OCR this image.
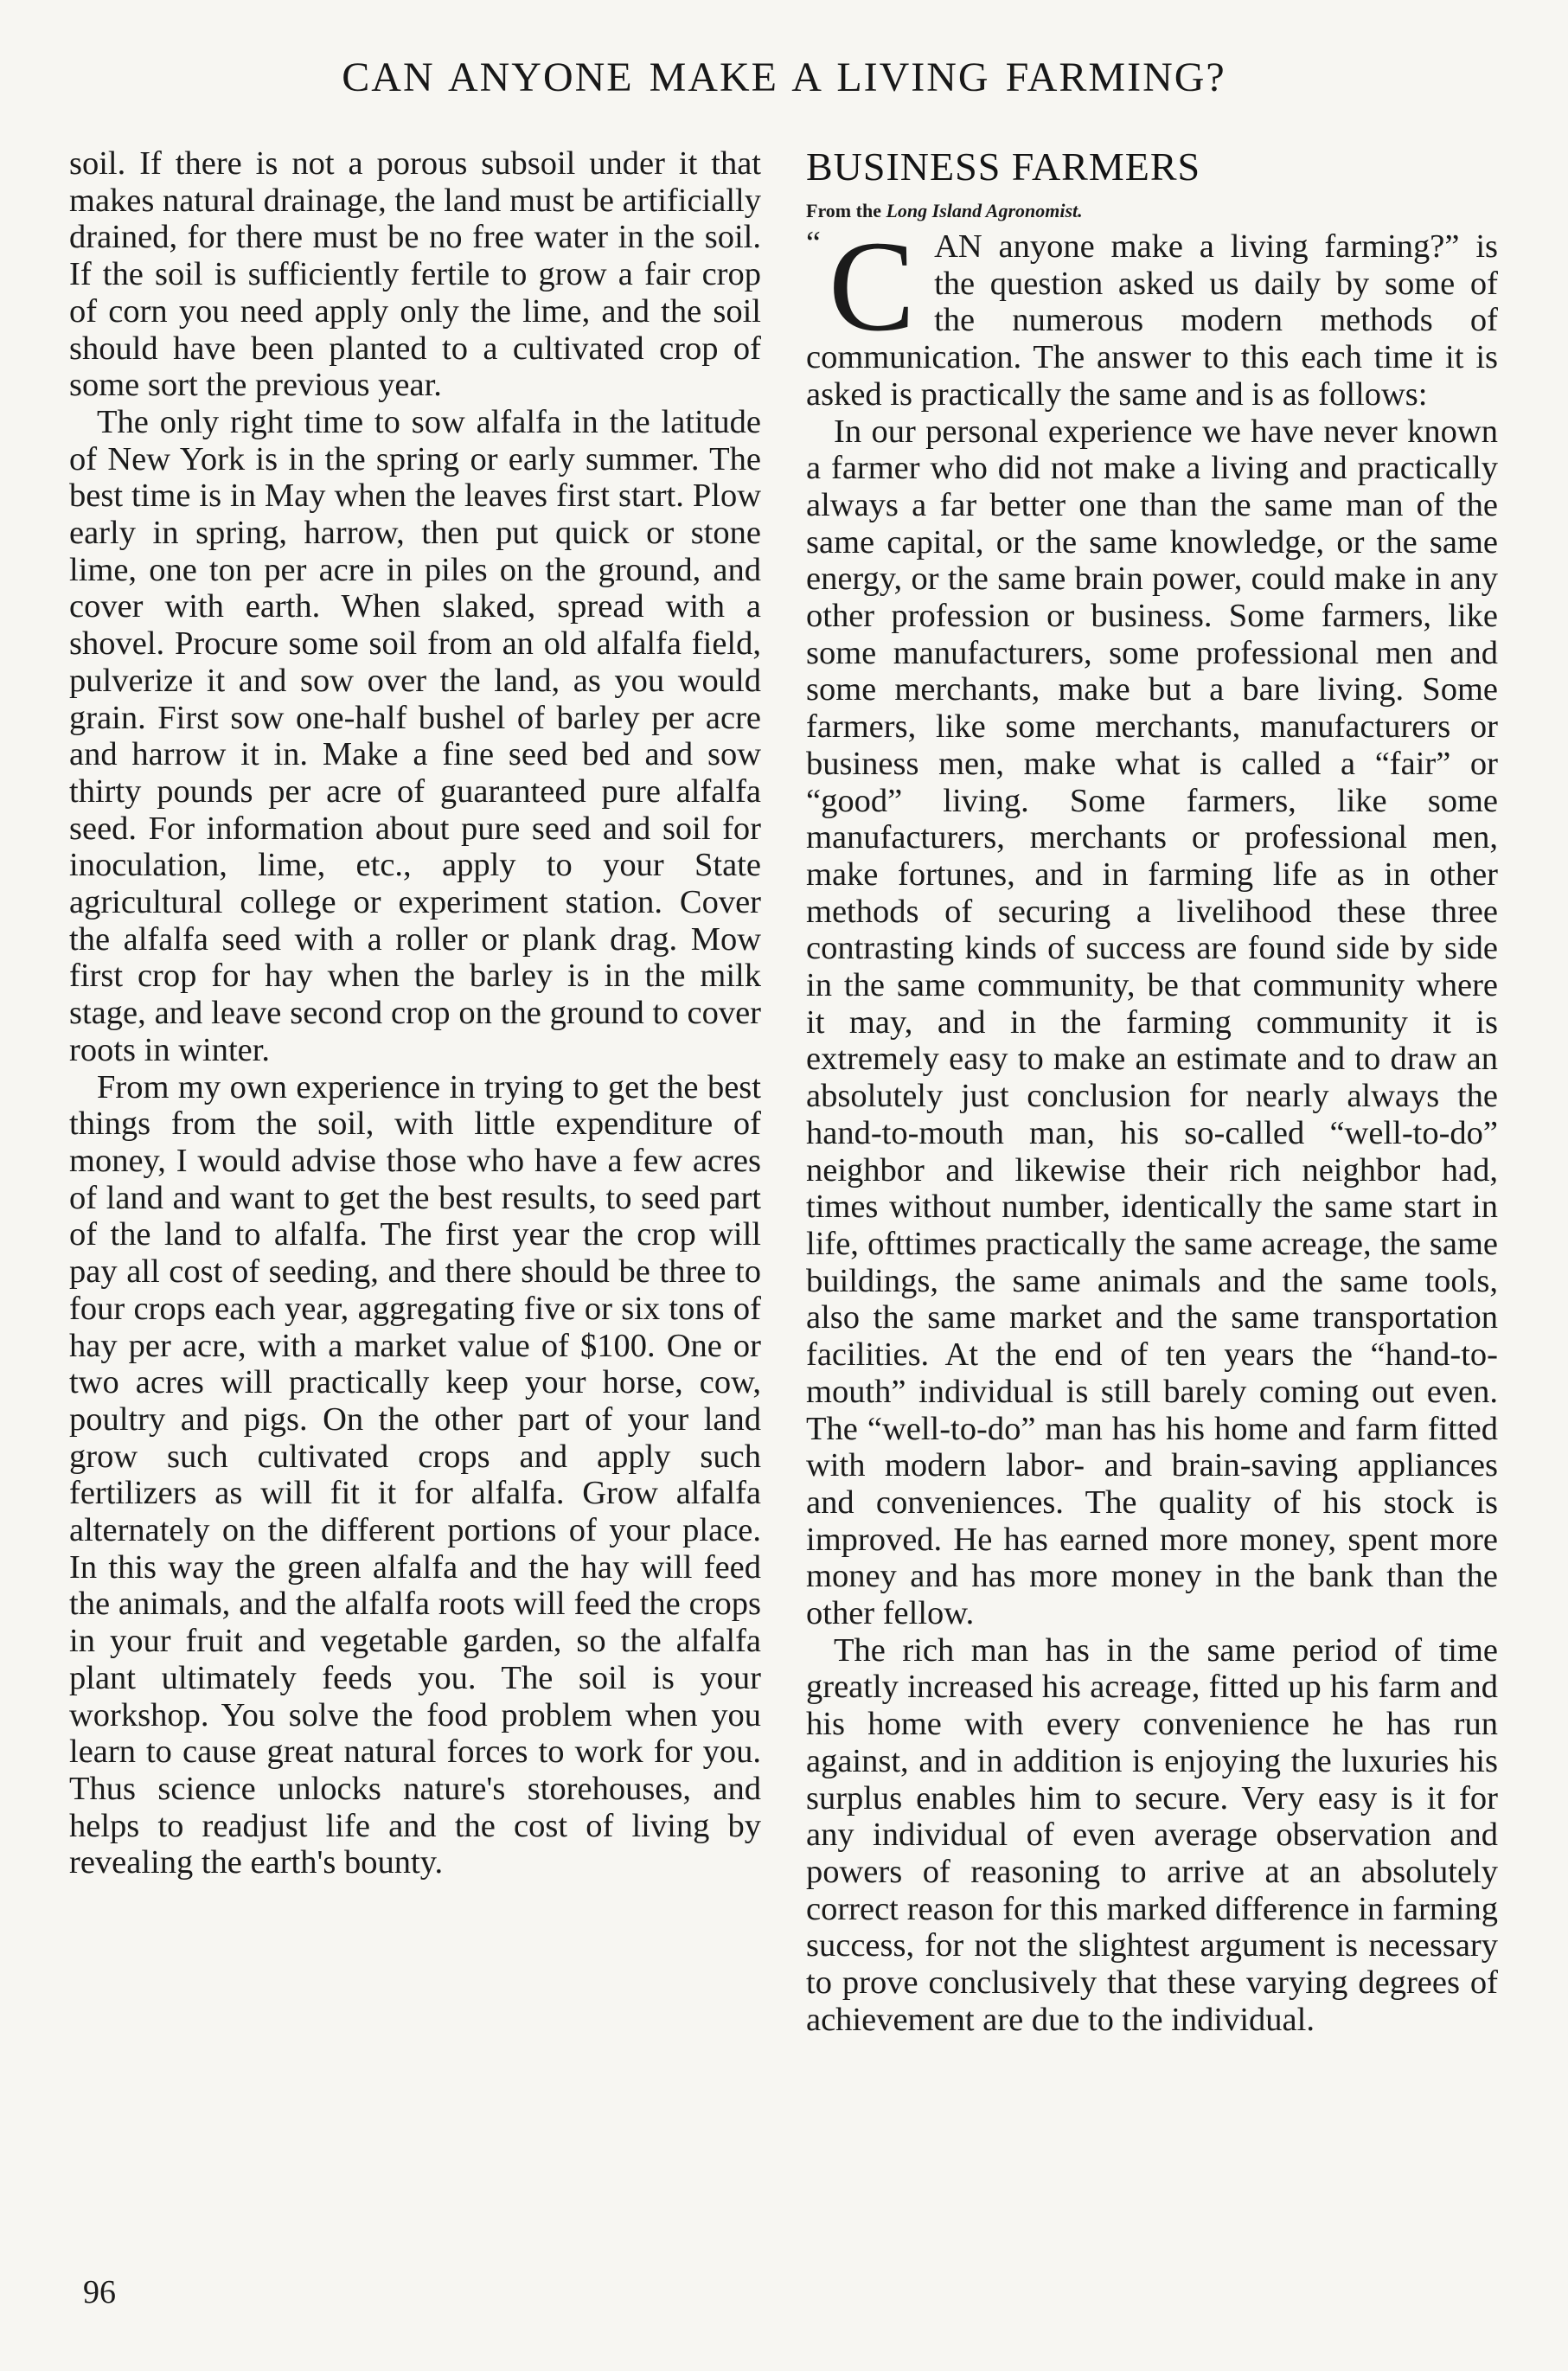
CAN ANYONE MAKE A LIVING FARMING?

soil. If there is not a porous subsoil under it that makes natural drainage, the land must be artificially drained, for there must be no free water in the soil. If the soil is sufficiently fertile to grow a fair crop of corn you need apply only the lime, and the soil should have been planted to a cultivated crop of some sort the previous year.

The only right time to sow alfalfa in the latitude of New York is in the spring or early summer. The best time is in May when the leaves first start. Plow early in spring, harrow, then put quick or stone lime, one ton per acre in piles on the ground, and cover with earth. When slaked, spread with a shovel. Procure some soil from an old alfalfa field, pulverize it and sow over the land, as you would grain. First sow one-half bushel of barley per acre and harrow it in. Make a fine seed bed and sow thirty pounds per acre of guaranteed pure alfalfa seed. For information about pure seed and soil for inoculation, lime, etc., apply to your State agricultural college or experiment station. Cover the alfalfa seed with a roller or plank drag. Mow first crop for hay when the barley is in the milk stage, and leave second crop on the ground to cover roots in winter.

From my own experience in trying to get the best things from the soil, with little expenditure of money, I would advise those who have a few acres of land and want to get the best results, to seed part of the land to alfalfa. The first year the crop will pay all cost of seeding, and there should be three to four crops each year, aggregating five or six tons of hay per acre, with a market value of $100. One or two acres will practically keep your horse, cow, poultry and pigs. On the other part of your land grow such cultivated crops and apply such fertilizers as will fit it for alfalfa. Grow alfalfa alternately on the different portions of your place. In this way the green alfalfa and the hay will feed the animals, and the alfalfa roots will feed the crops in your fruit and vegetable garden, so the alfalfa plant ultimately feeds you. The soil is your workshop. You solve the food problem when you learn to cause great natural forces to work for you. Thus science unlocks nature's storehouses, and helps to readjust life and the cost of living by revealing the earth's bounty.

BUSINESS FARMERS
From the Long Island Agronomist.
“ C AN anyone make a living farming?” is the question asked us daily by some of the numerous modern methods of communication. The answer to this each time it is asked is practically the same and is as follows:

In our personal experience we have never known a farmer who did not make a living and practically always a far better one than the same man of the same capital, or the same knowledge, or the same energy, or the same brain power, could make in any other profession or business. Some farmers, like some manufacturers, some professional men and some merchants, make but a bare living. Some farmers, like some merchants, manufacturers or business men, make what is called a “fair” or “good” living. Some farmers, like some manufacturers, merchants or professional men, make fortunes, and in farming life as in other methods of securing a livelihood these three contrasting kinds of success are found side by side in the same community, be that community where it may, and in the farming community it is extremely easy to make an estimate and to draw an absolutely just conclusion for nearly always the hand-to-mouth man, his so-called “well-to-do” neighbor and likewise their rich neighbor had, times without number, identically the same start in life, ofttimes practically the same acreage, the same buildings, the same animals and the same tools, also the same market and the same transportation facilities. At the end of ten years the “hand-to-mouth” individual is still barely coming out even. The “well-to-do” man has his home and farm fitted with modern labor- and brain-saving appliances and conveniences. The quality of his stock is improved. He has earned more money, spent more money and has more money in the bank than the other fellow.

The rich man has in the same period of time greatly increased his acreage, fitted up his farm and his home with every convenience he has run against, and in addition is enjoying the luxuries his surplus enables him to secure. Very easy is it for any individual of even average observation and powers of reasoning to arrive at an absolutely correct reason for this marked difference in farming success, for not the slightest argument is necessary to prove conclusively that these varying degrees of achievement are due to the individual.

96
